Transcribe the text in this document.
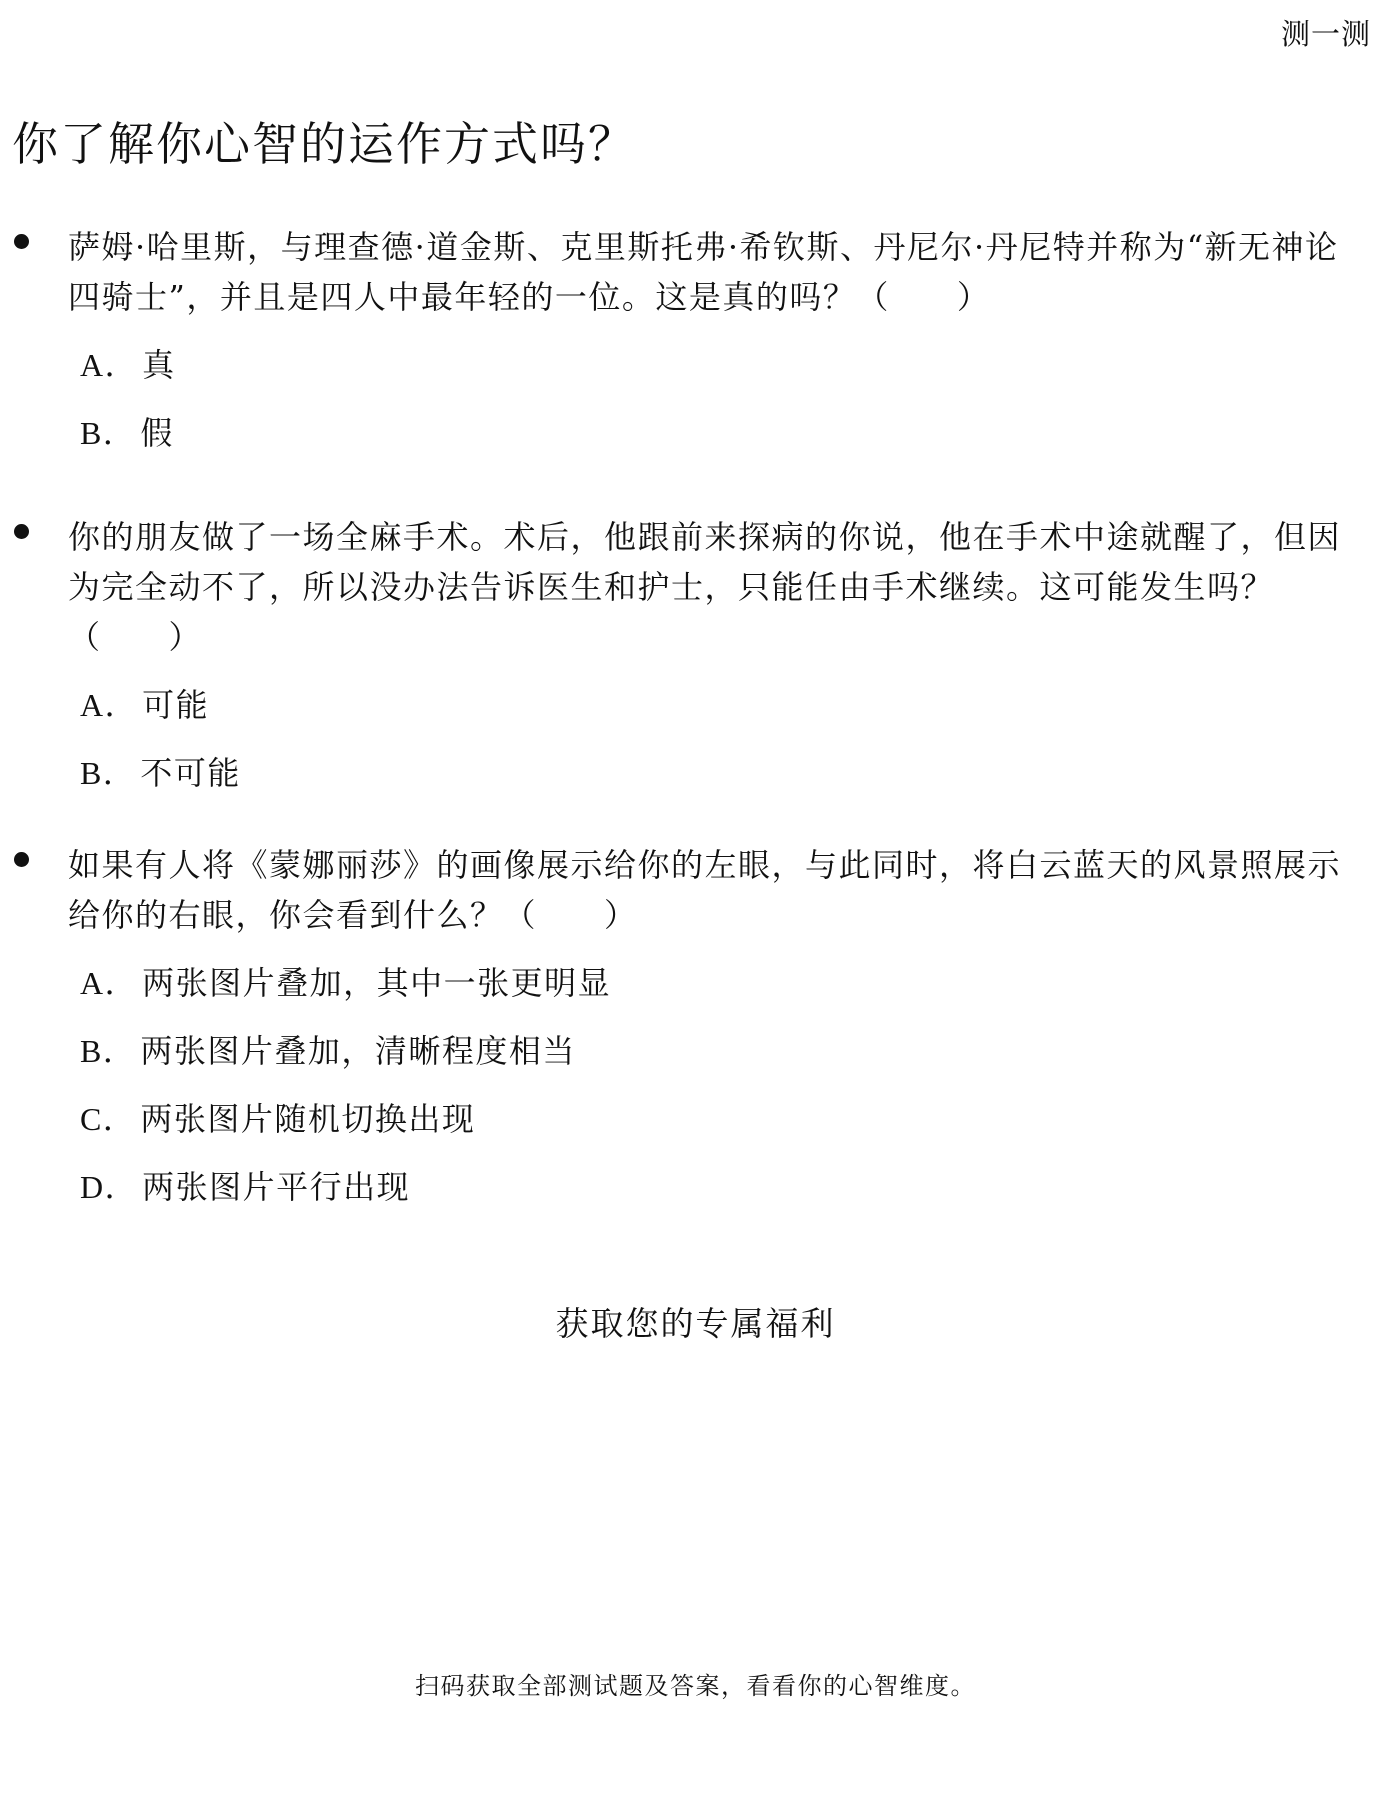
测一测
你了解你心智的运作方式吗？
萨姆·哈里斯，与理查德·道金斯、克里斯托弗·希钦斯、丹尼尔·丹尼特并称为“新无神论四骑士”，并且是四人中最年轻的一位。这是真的吗？（　　）
A． 真
B． 假
你的朋友做了一场全麻手术。术后，他跟前来探病的你说，他在手术中途就醒了，但因为完全动不了，所以没办法告诉医生和护士，只能任由手术继续。这可能发生吗？（　　）
A． 可能
B． 不可能
如果有人将《蒙娜丽莎》的画像展示给你的左眼，与此同时，将白云蓝天的风景照展示给你的右眼，你会看到什么？（　　）
A． 两张图片叠加，其中一张更明显
B． 两张图片叠加，清晰程度相当
C． 两张图片随机切换出现
D． 两张图片平行出现
获取您的专属福利
扫码获取全部测试题及答案，看看你的心智维度。
